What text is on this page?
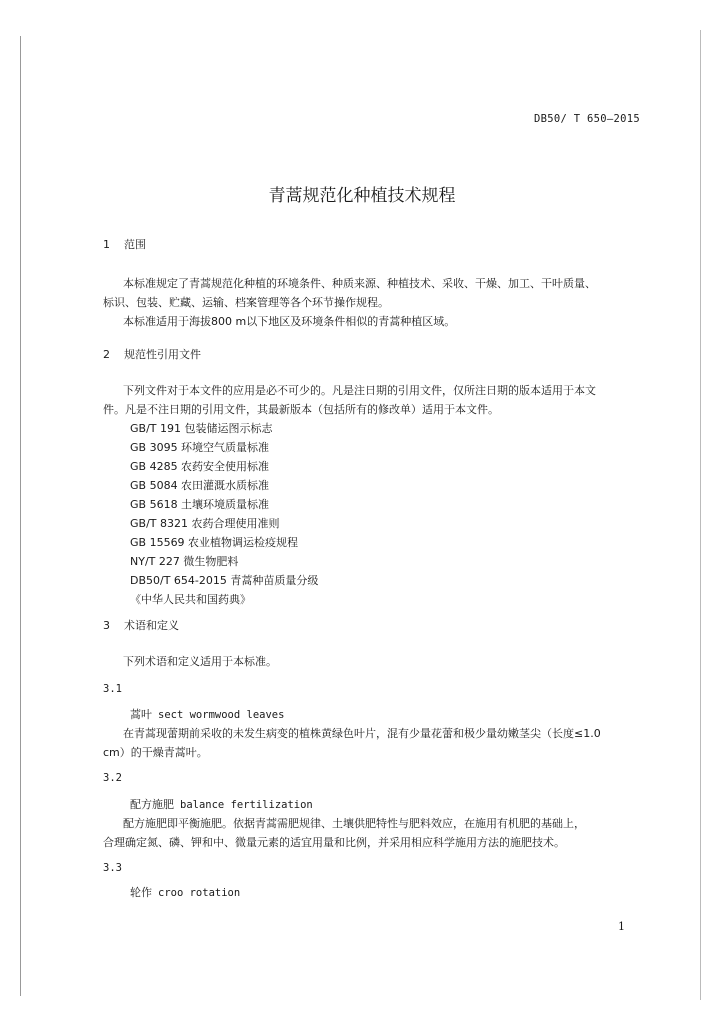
DB50/ T 650—2015
青蒿规范化种植技术规程
1 范围
本标准规定了青蒿规范化种植的环境条件、种质来源、种植技术、采收、干燥、加工、干叶质量、
标识、包装、贮藏、运输、档案管理等各个环节操作规程。
本标准适用于海拔800 m以下地区及环境条件相似的青蒿种植区域。
2 规范性引用文件
下列文件对于本文件的应用是必不可少的。凡是注日期的引用文件，仅所注日期的版本适用于本文
件。凡是不注日期的引用文件，其最新版本（包括所有的修改单）适用于本文件。
GB/T 191 包装储运图示标志
GB 3095 环境空气质量标准
GB 4285 农药安全使用标准
GB 5084 农田灌溉水质标准
GB 5618 土壤环境质量标准
GB/T 8321 农药合理使用准则
GB 15569 农业植物调运检疫规程
NY/T 227 微生物肥料
DB50/T 654-2015 青蒿种苗质量分级
《中华人民共和国药典》
3 术语和定义
下列术语和定义适用于本标准。
3.1
蒿叶 sect wormwood leaves
在青蒿现蕾期前采收的未发生病变的植株黄绿色叶片，混有少量花蕾和极少量幼嫩茎尖（长度≤1.0
cm）的干燥青蒿叶。
3.2
配方施肥 balance fertilization
配方施肥即平衡施肥。依据青蒿需肥规律、土壤供肥特性与肥料效应，在施用有机肥的基础上，
合理确定氮、磷、钾和中、微量元素的适宜用量和比例，并采用相应科学施用方法的施肥技术。
3.3
轮作 croo rotation
1
